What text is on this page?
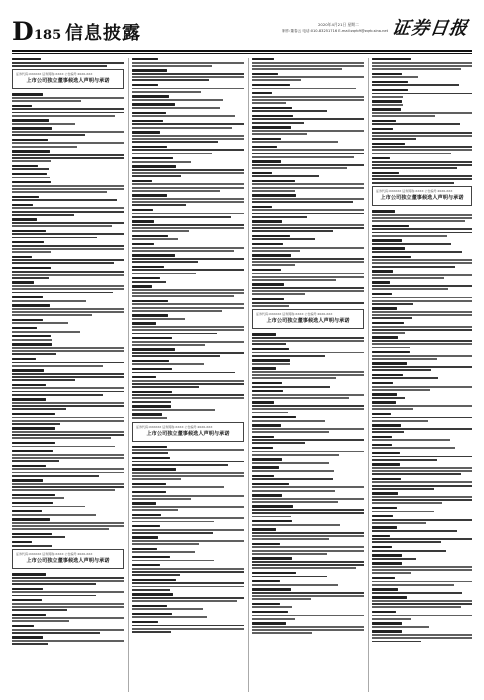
D 185 信息披露	2020年4月21日 星期二
制作:董春云 电话:010-83251716 E-mail:zqrb9@zqrb.sina.net 证券日报
证券代码:XXXXXX 证券简称:XXXX 公告编号:2020-XXX
上市公司独立董事候选人声明与承诺
证券代码:XXXXXX 证券简称:XXXX 公告编号:2020-XXX
上市公司独立董事候选人声明与承诺
证券代码:XXXXXX 证券简称:XXXX 公告编号:2020-XXX
上市公司独立董事候选人声明与承诺
证券代码:XXXXXX 证券简称:XXXX 公告编号:2020-XXX
上市公司独立董事候选人声明与承诺
证券代码:XXXXXX 证券简称:XXXX 公告编号:2020-XXX
上市公司独立董事候选人声明与承诺
